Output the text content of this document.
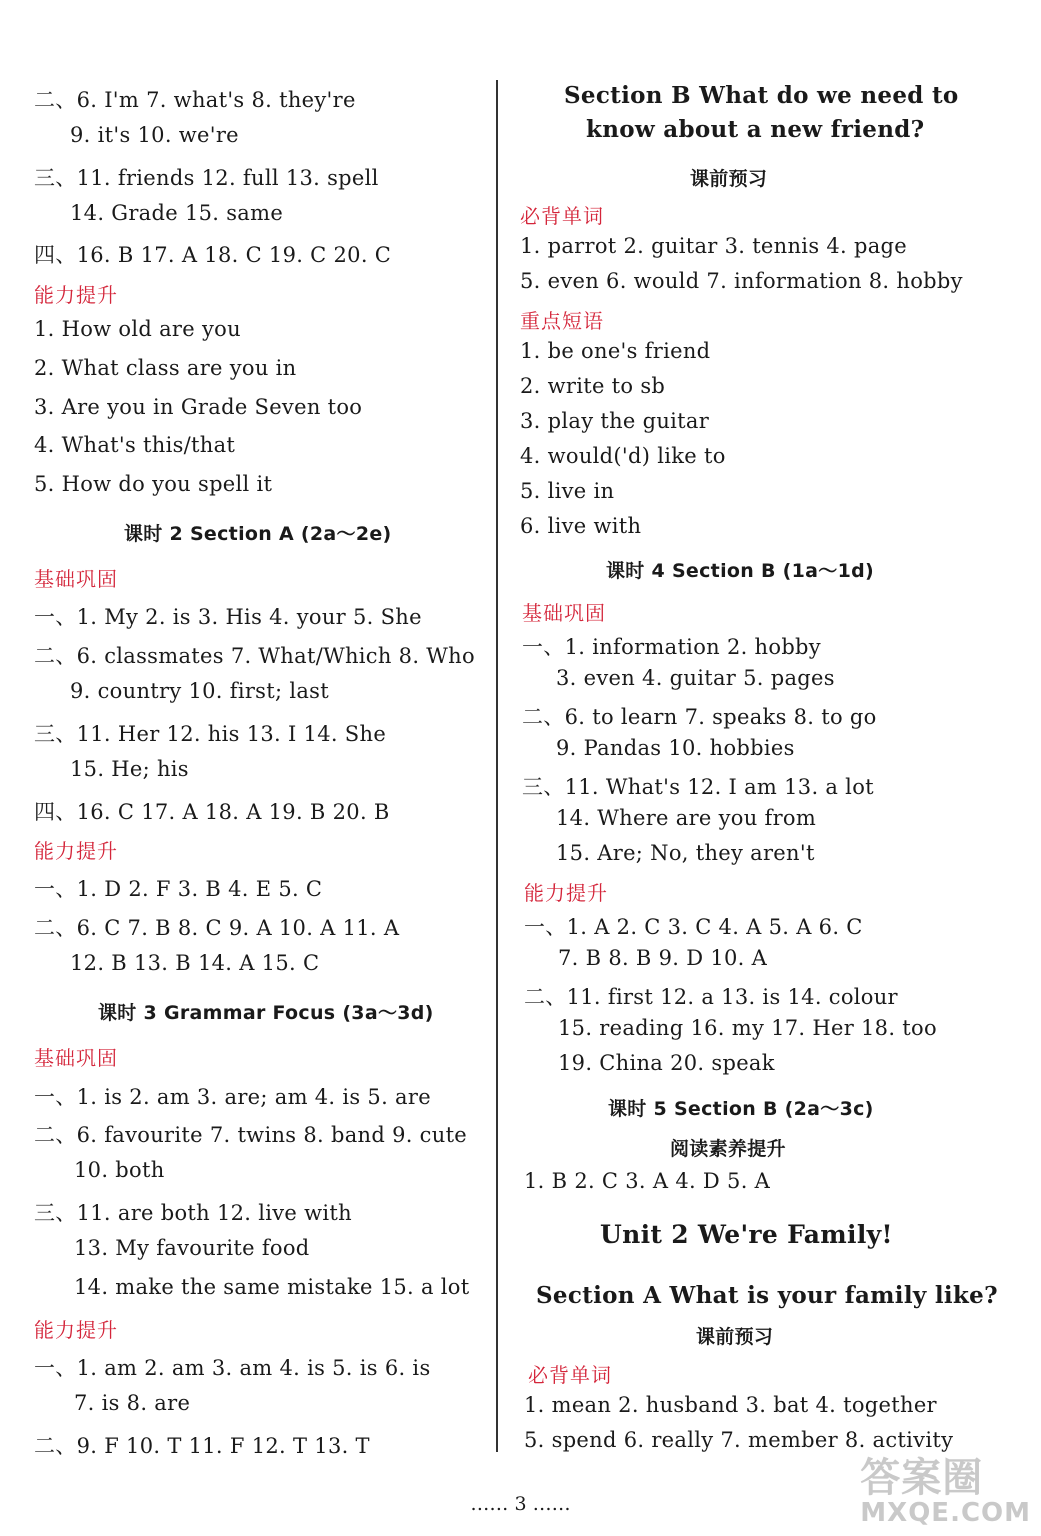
二、6. I'm 7. what's 8. they're
9. it's 10. we're
三、11. friends 12. full 13. spell
14. Grade 15. same
四、16. B 17. A 18. C 19. C 20. C
能力提升
1. How old are you
2. What class are you in
3. Are you in Grade Seven too
4. What's this/that
5. How do you spell it
课时 2 Section A (2a～2e)
基础巩固
一、1. My 2. is 3. His 4. your 5. She
二、6. classmates 7. What/Which 8. Who
9. country 10. first; last
三、11. Her 12. his 13. I 14. She
15. He; his
四、16. C 17. A 18. A 19. B 20. B
能力提升
一、1. D 2. F 3. B 4. E 5. C
二、6. C 7. B 8. C 9. A 10. A 11. A
12. B 13. B 14. A 15. C
课时 3 Grammar Focus (3a～3d)
基础巩固
一、1. is 2. am 3. are; am 4. is 5. are
二、6. favourite 7. twins 8. band 9. cute
10. both
三、11. are both 12. live with
13. My favourite food
14. make the same mistake 15. a lot
能力提升
一、1. am 2. am 3. am 4. is 5. is 6. is
7. is 8. are
二、9. F 10. T 11. F 12. T 13. T
Section B What do we need to
know about a new friend?
课前预习
必背单词
1. parrot 2. guitar 3. tennis 4. page
5. even 6. would 7. information 8. hobby
重点短语
1. be one's friend
2. write to sb
3. play the guitar
4. would('d) like to
5. live in
6. live with
课时 4 Section B (1a～1d)
基础巩固
一、1. information 2. hobby
3. even 4. guitar 5. pages
二、6. to learn 7. speaks 8. to go
9. Pandas 10. hobbies
三、11. What's 12. I am 13. a lot
14. Where are you from
15. Are; No, they aren't
能力提升
一、1. A 2. C 3. C 4. A 5. A 6. C
7. B 8. B 9. D 10. A
二、11. first 12. a 13. is 14. colour
15. reading 16. my 17. Her 18. too
19. China 20. speak
课时 5 Section B (2a～3c)
阅读素养提升
1. B 2. C 3. A 4. D 5. A
Unit 2 We're Family!
Section A What is your family like?
课前预习
必背单词
1. mean 2. husband 3. bat 4. together
5. spend 6. really 7. member 8. activity
…… 3 ……
答案圈
MXQE.COM
